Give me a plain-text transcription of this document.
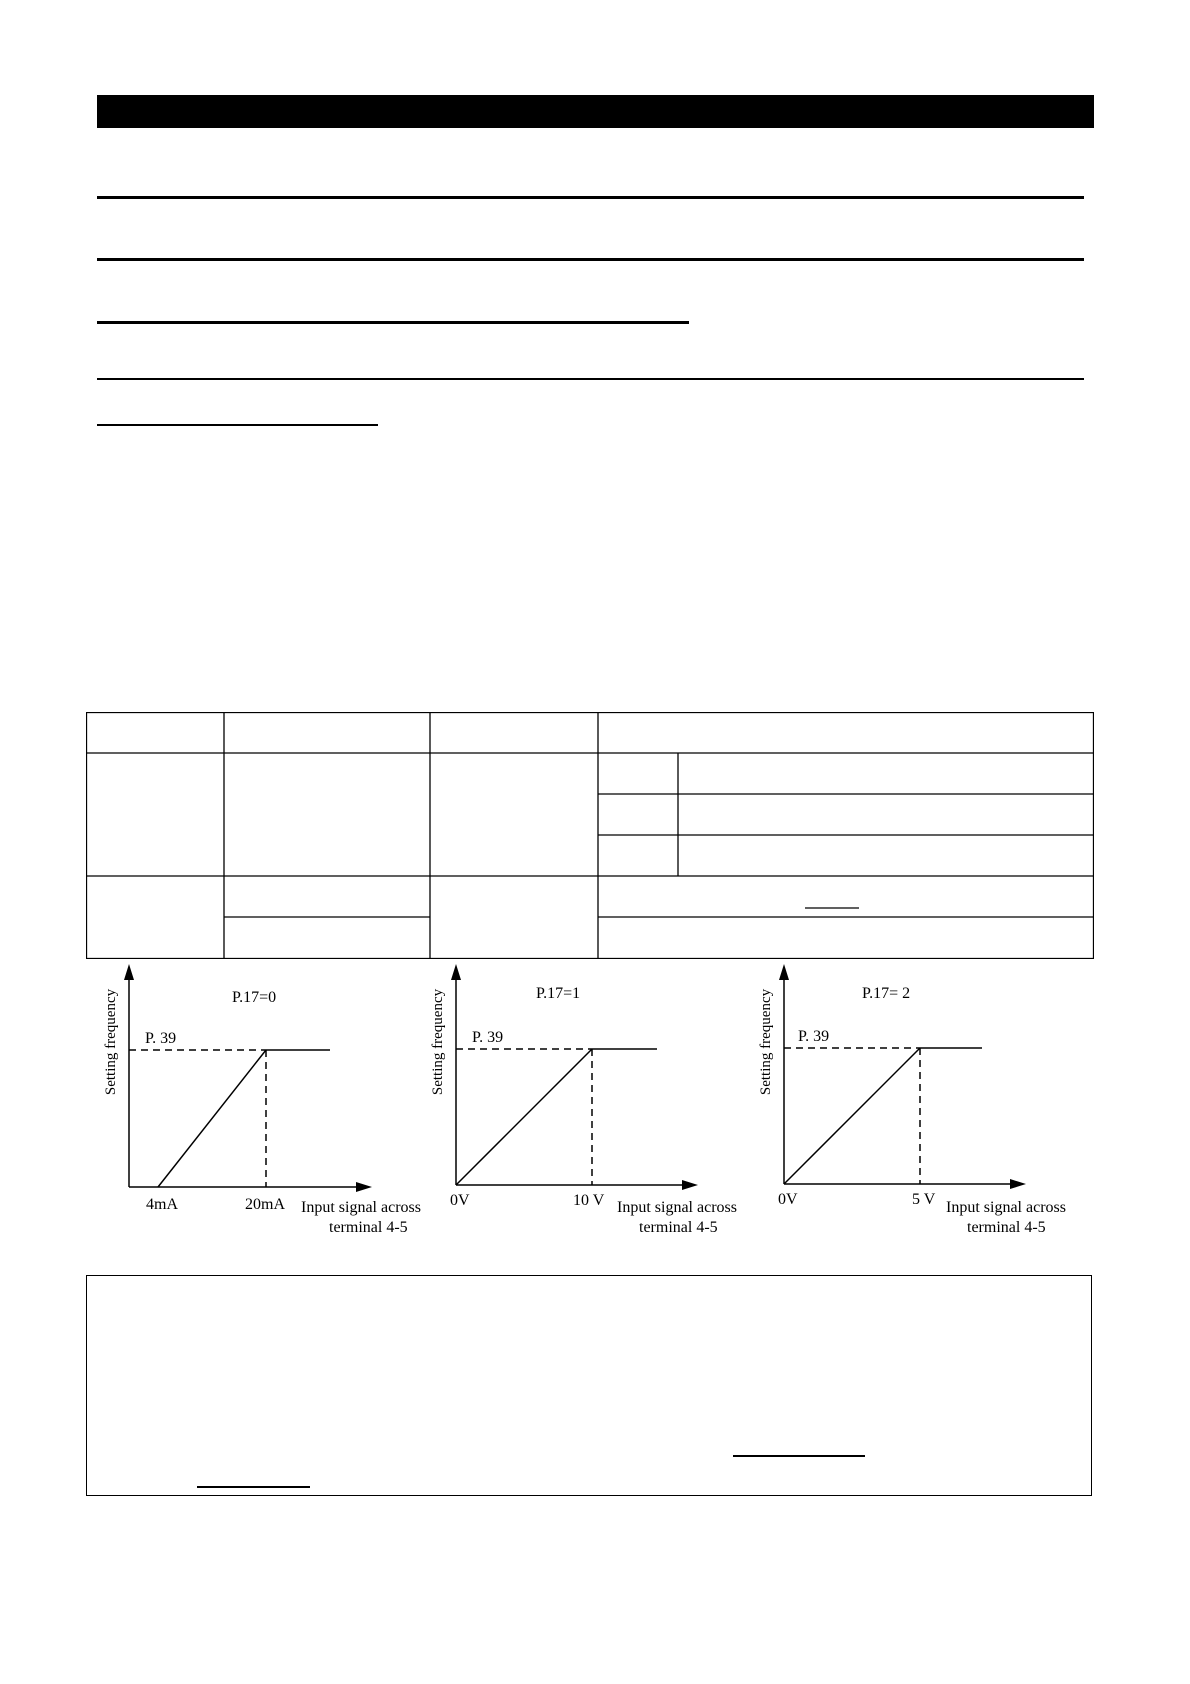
Setting frequency	P.17=0
P. 39
4mA	20mA Input signal across
terminal 4-5
Setting frequency	P.17=1
P. 39
0V	10 V Input signal across
terminal 4-5
Setting frequency	P.17= 2
P. 39
0V	5 V Input signal across
terminal 4-5
